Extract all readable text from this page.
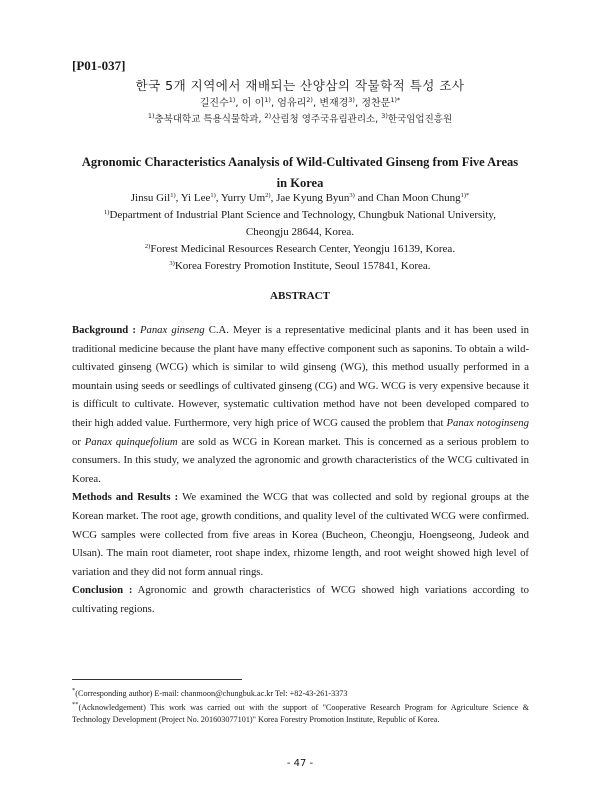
[P01-037]
한국 5개 지역에서 재배되는 산양삼의 작물학적 특성 조사
길진수$^{1)}$, 이 이$^{1)}$, 엄유리$^{2)}$, 변재경$^{3)}$, 정찬문$^{1)*}$
$^{1)}$충북대학교 특용식물학과, $^{2)}$산림청 영주국유림관리소, $^{3)}$한국임업진흥원
Agronomic Characteristics Aanalysis of Wild-Cultivated Ginseng from Five Areas in Korea
Jinsu Gil$^{1)}$, Yi Lee$^{1)}$, Yurry Um$^{2)}$, Jae Kyung Byun$^{3)}$ and Chan Moon Chung$^{1)*}$
$^{1)}$Department of Industrial Plant Science and Technology, Chungbuk National University,
Cheongju 28644, Korea.
$^{2)}$Forest Medicinal Resources Research Center, Yeongju 16139, Korea.
$^{3)}$Korea Forestry Promotion Institute, Seoul 157841, Korea.
ABSTRACT

Background : Panax ginseng C.A. Meyer is a representative medicinal plants and it has been used in traditional medicine because the plant have many effective component such as saponins. To obtain a wild-cultivated ginseng (WCG) which is similar to wild ginseng (WG), this method usually performed in a mountain using seeds or seedlings of cultivated ginseng (CG) and WG. WCG is very expensive because it is difficult to cultivate. However, systematic cultivation method have not been developed compared to their high added value. Furthermore, very high price of WCG caused the problem that Panax notoginseng or Panax quinquefolium are sold as WCG in Korean market. This is concerned as a serious problem to consumers. In this study, we analyzed the agronomic and growth characteristics of the WCG cultivated in Korea.

Methods and Results : We examined the WCG that was collected and sold by regional groups at the Korean market. The root age, growth conditions, and quality level of the cultivated WCG were confirmed. WCG samples were collected from five areas in Korea (Bucheon, Cheongju, Hoengseong, Judeok and Ulsan). The main root diameter, root shape index, rhizome length, and root weight showed high level of variation and they did not form annual rings.

Conclusion : Agronomic and growth characteristics of WCG showed high variations according to cultivating regions.

*(Corresponding author) E-mail: chanmoon@chungbuk.ac.kr Tel: +82-43-261-3373
**(Acknowledgement) This work was carried out with the support of "Cooperative Research Program for Agriculture Science & Technology Development (Project No. 201603077101)" Korea Forestry Promotion Institute, Republic of Korea.
- 47 -
